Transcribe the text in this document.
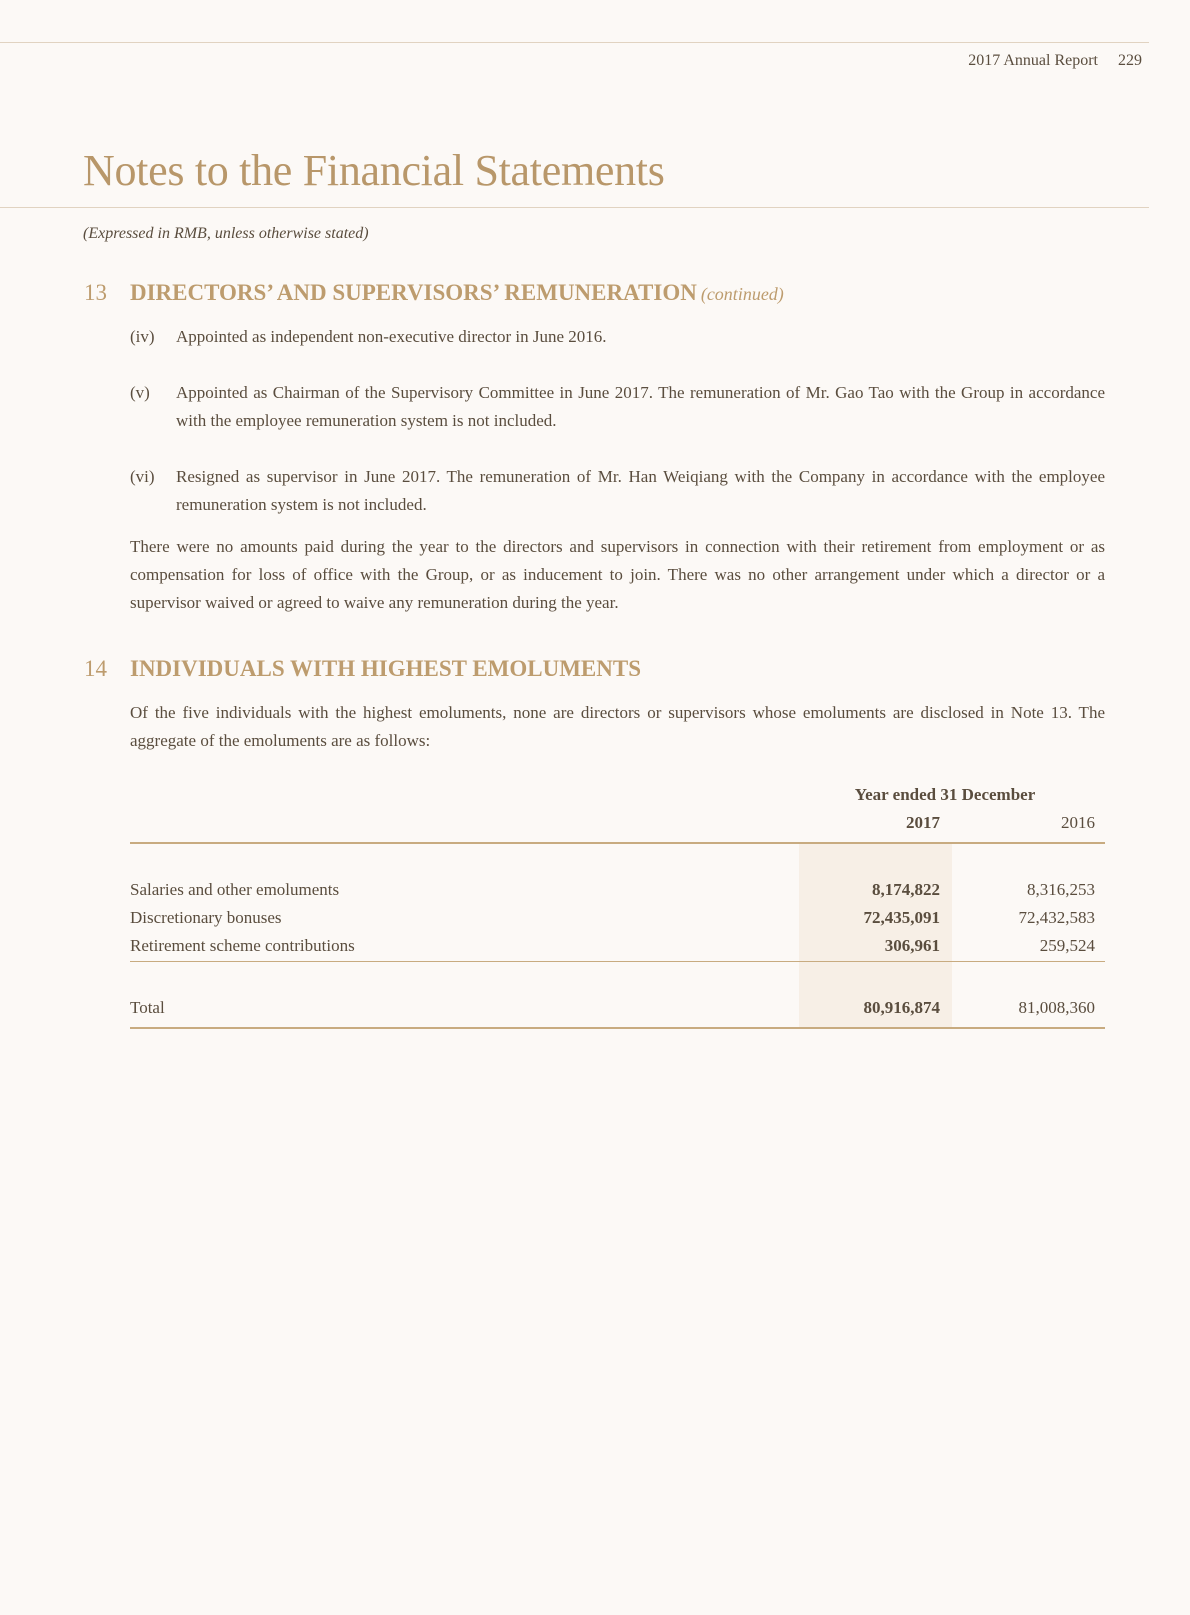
2017 Annual Report 229
Notes to the Financial Statements
(Expressed in RMB, unless otherwise stated)
13 DIRECTORS’ AND SUPERVISORS’ REMUNERATION (continued)
(iv) Appointed as independent non-executive director in June 2016.
(v) Appointed as Chairman of the Supervisory Committee in June 2017. The remuneration of Mr. Gao Tao with the Group in accordance with the employee remuneration system is not included.
(vi) Resigned as supervisor in June 2017. The remuneration of Mr. Han Weiqiang with the Company in accordance with the employee remuneration system is not included.

There were no amounts paid during the year to the directors and supervisors in connection with their retirement from employment or as compensation for loss of office with the Group, or as inducement to join. There was no other arrangement under which a director or a supervisor waived or agreed to waive any remuneration during the year.

14 INDIVIDUALS WITH HIGHEST EMOLUMENTS

Of the five individuals with the highest emoluments, none are directors or supervisors whose emoluments are disclosed in Note 13. The aggregate of the emoluments are as follows:

Year ended 31 December
2017	2016
Salaries and other emoluments	8,174,822	8,316,253
Discretionary bonuses	72,435,091	72,432,583
Retirement scheme contributions	306,961	259,524
Total	80,916,874	81,008,360
